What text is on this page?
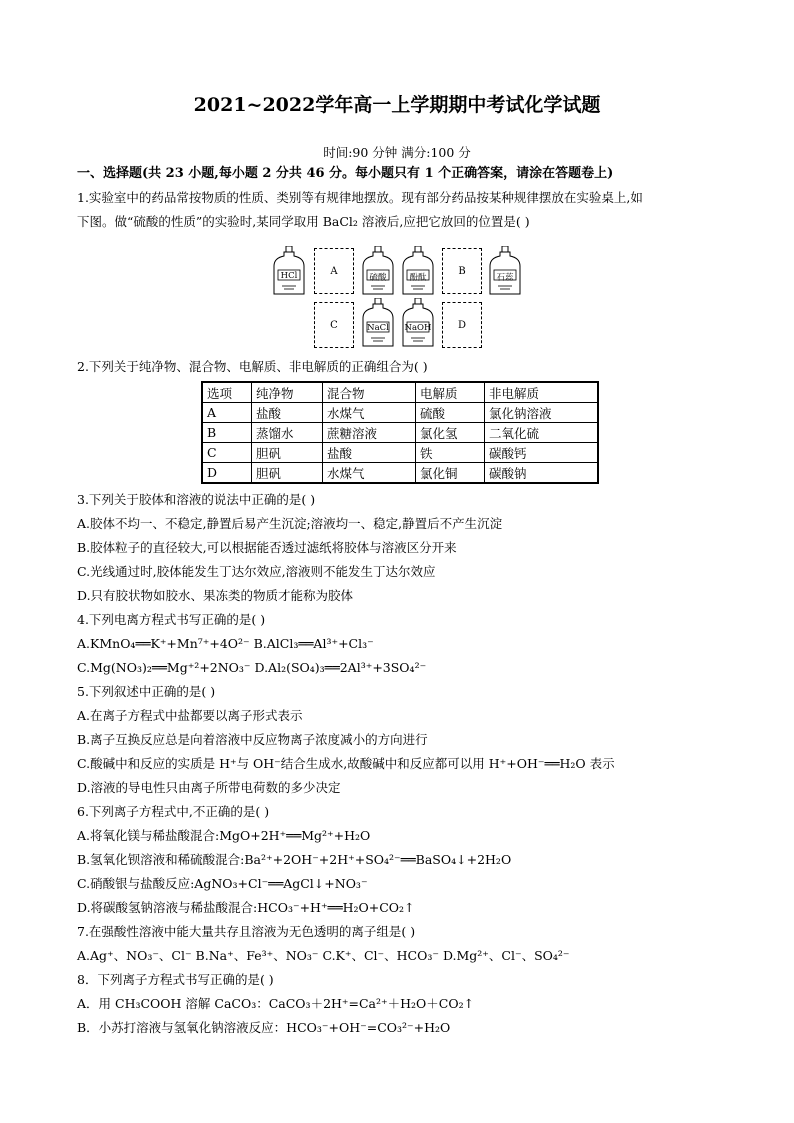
2021~2022学年高一上学期期中考试化学试题
时间:90 分钟 满分:100 分
一、选择题(共 23 小题,每小题 2 分共 46 分。每小题只有 1 个正确答案，请涂在答题卷上)
1.实验室中的药品常按物质的性质、类别等有规律地摆放。现有部分药品按某种规律摆放在实验桌上,如
下图。做“硫酸的性质”的实验时,某同学取用 BaCl₂ 溶液后,应把它放回的位置是( )
HCl	A
硫酸	酚酞
B
石蕊
C	NaCl	NaOH	D
2.下列关于纯净物、混合物、电解质、非电解质的正确组合为( )
选项	纯净物	混合物	电解质	非电解质
A	盐酸	水煤气	硫酸	氯化钠溶液
B	蒸馏水	蔗糖溶液	氯化氢	二氧化硫
C	胆矾	盐酸	铁	碳酸钙
D	胆矾	水煤气	氯化铜	碳酸钠
3.下列关于胶体和溶液的说法中正确的是( )
A.胶体不均一、不稳定,静置后易产生沉淀;溶液均一、稳定,静置后不产生沉淀
B.胶体粒子的直径较大,可以根据能否透过滤纸将胶体与溶液区分开来
C.光线通过时,胶体能发生丁达尔效应,溶液则不能发生丁达尔效应
D.只有胶状物如胶水、果冻类的物质才能称为胶体
4.下列电离方程式书写正确的是( )
A.KMnO₄══K⁺+Mn⁷⁺+4O²⁻ B.AlCl₃══Al³⁺+Cl₃⁻
C.Mg(NO₃)₂══Mg⁺²+2NO₃⁻ D.Al₂(SO₄)₃══2Al³⁺+3SO₄²⁻
5.下列叙述中正确的是( )
A.在离子方程式中盐都要以离子形式表示
B.离子互换反应总是向着溶液中反应物离子浓度减小的方向进行
C.酸碱中和反应的实质是 H⁺与 OH⁻结合生成水,故酸碱中和反应都可以用 H⁺+OH⁻══H₂O 表示
D.溶液的导电性只由离子所带电荷数的多少决定
6.下列离子方程式中,不正确的是( )
A.将氧化镁与稀盐酸混合:MgO+2H⁺══Mg²⁺+H₂O
B.氢氧化钡溶液和稀硫酸混合:Ba²⁺+2OH⁻+2H⁺+SO₄²⁻══BaSO₄↓+2H₂O
C.硝酸银与盐酸反应:AgNO₃+Cl⁻══AgCl↓+NO₃⁻
D.将碳酸氢钠溶液与稀盐酸混合:HCO₃⁻+H⁺══H₂O+CO₂↑
7.在强酸性溶液中能大量共存且溶液为无色透明的离子组是( )
A.Ag⁺、NO₃⁻、Cl⁻ B.Na⁺、Fe³⁺、NO₃⁻ C.K⁺、Cl⁻、HCO₃⁻ D.Mg²⁺、Cl⁻、SO₄²⁻
8．下列离子方程式书写正确的是( )
A．用 CH₃COOH 溶解 CaCO₃：CaCO₃＋2H⁺=Ca²⁺＋H₂O＋CO₂↑
B．小苏打溶液与氢氧化钠溶液反应：HCO₃⁻+OH⁻=CO₃²⁻+H₂O
